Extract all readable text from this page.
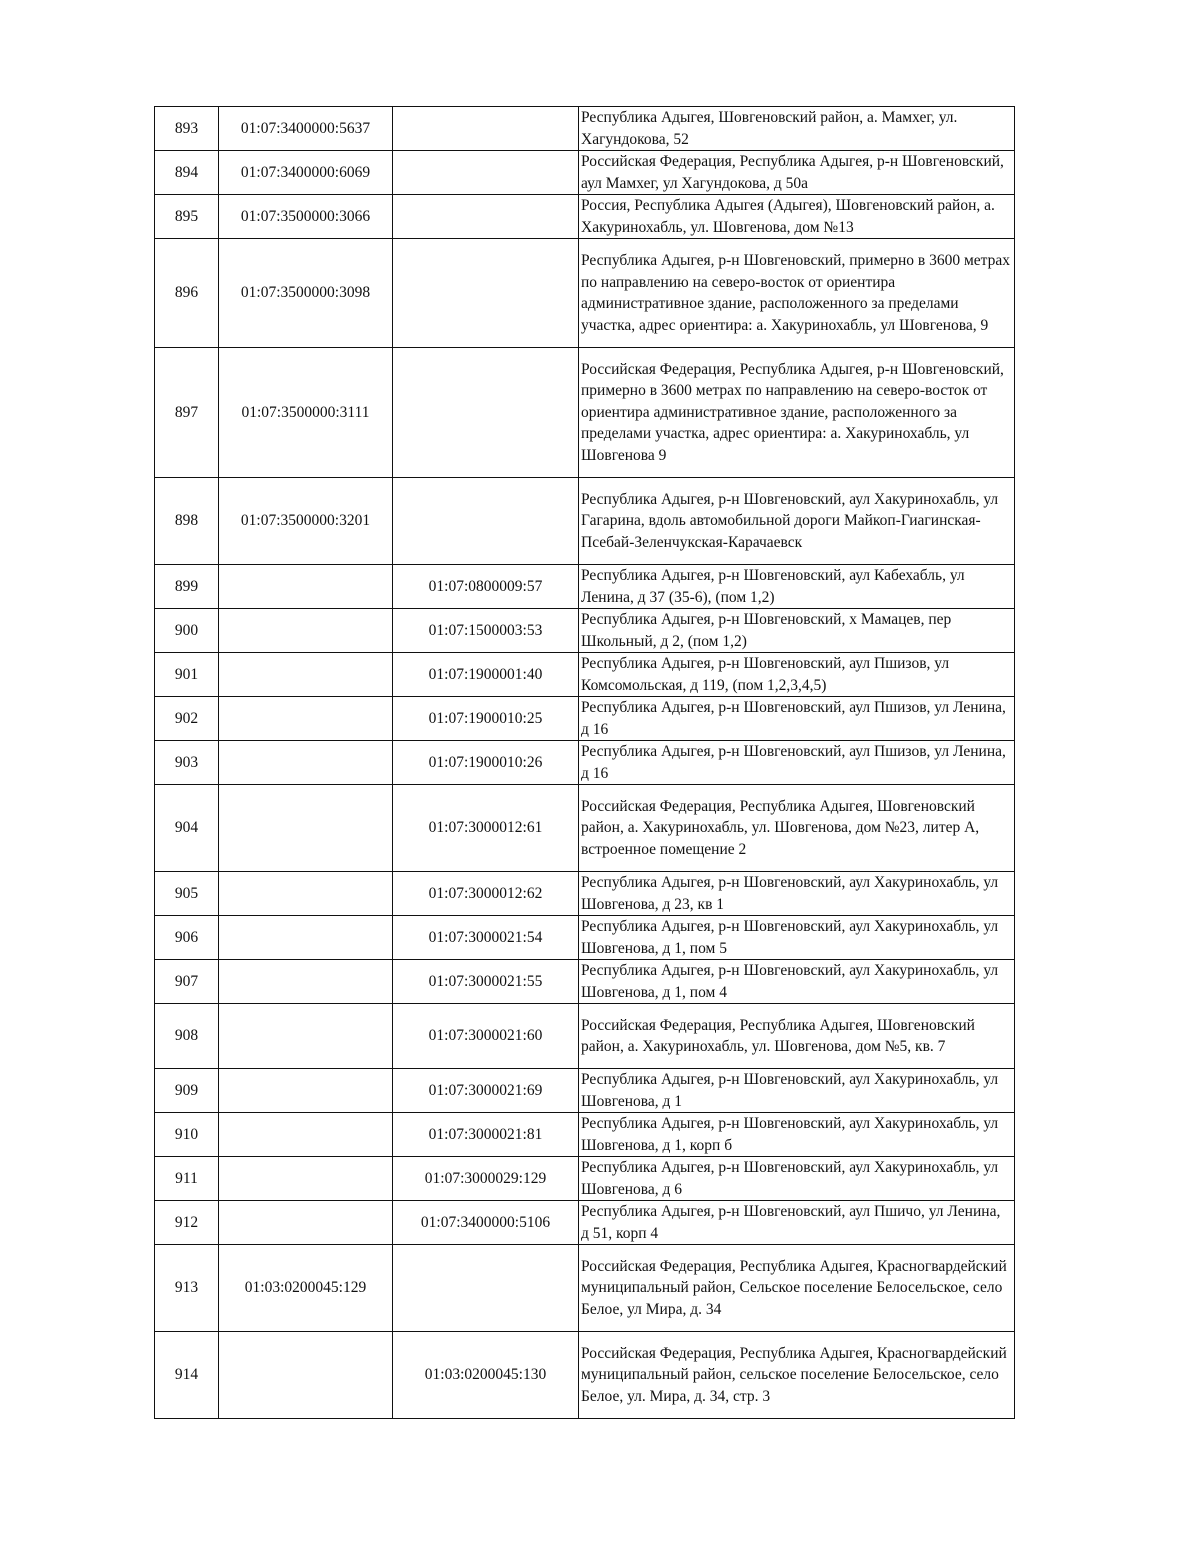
893	01:07:3400000:5637		Республика Адыгея, Шовгеновский район, а. Мамхег, ул. Хагундокова, 52
894	01:07:3400000:6069		Российская Федерация, Республика Адыгея, р-н Шовгеновский, аул Мамхег, ул Хагундокова, д 50а
895	01:07:3500000:3066		Россия, Республика Адыгея (Адыгея), Шовгеновский район, а. Хакуринохабль, ул. Шовгенова, дом №13
896	01:07:3500000:3098		Республика Адыгея, р-н Шовгеновский, примерно в 3600 метрах по направлению на северо-восток от ориентира административное здание, расположенного за пределами участка, адрес ориентира: а. Хакуринохабль, ул Шовгенова, 9
897	01:07:3500000:3111		Российская Федерация, Республика Адыгея, р-н Шовгеновский, примерно в 3600 метрах по направлению на северо-восток от ориентира административное здание, расположенного за пределами участка, адрес ориентира: а. Хакуринохабль, ул Шовгенова 9
898	01:07:3500000:3201		Республика Адыгея, р-н Шовгеновский, аул Хакуринохабль, ул Гагарина, вдоль автомобильной дороги Майкоп-Гиагинская-Псебай-Зеленчукская-Карачаевск
899		01:07:0800009:57	Республика Адыгея, р-н Шовгеновский, аул Кабехабль, ул Ленина, д 37 (35-6), (пом 1,2)
900		01:07:1500003:53	Республика Адыгея, р-н Шовгеновский, х Мамацев, пер Школьный, д 2, (пом 1,2)
901		01:07:1900001:40	Республика Адыгея, р-н Шовгеновский, аул Пшизов, ул Комсомольская, д 119, (пом 1,2,3,4,5)
902		01:07:1900010:25	Республика Адыгея, р-н Шовгеновский, аул Пшизов, ул Ленина, д 16
903		01:07:1900010:26	Республика Адыгея, р-н Шовгеновский, аул Пшизов, ул Ленина, д 16
904		01:07:3000012:61	Российская Федерация, Республика Адыгея, Шовгеновский район, а. Хакуринохабль, ул. Шовгенова, дом №23, литер А, встроенное помещение 2
905		01:07:3000012:62	Республика Адыгея, р-н Шовгеновский, аул Хакуринохабль, ул Шовгенова, д 23, кв 1
906		01:07:3000021:54	Республика Адыгея, р-н Шовгеновский, аул Хакуринохабль, ул Шовгенова, д 1, пом 5
907		01:07:3000021:55	Республика Адыгея, р-н Шовгеновский, аул Хакуринохабль, ул Шовгенова, д 1, пом 4
908		01:07:3000021:60	Российская Федерация, Республика Адыгея, Шовгеновский район, а. Хакуринохабль, ул. Шовгенова, дом №5, кв. 7
909		01:07:3000021:69	Республика Адыгея, р-н Шовгеновский, аул Хакуринохабль, ул Шовгенова, д 1
910		01:07:3000021:81	Республика Адыгея, р-н Шовгеновский, аул Хакуринохабль, ул Шовгенова, д 1, корп б
911		01:07:3000029:129	Республика Адыгея, р-н Шовгеновский, аул Хакуринохабль, ул Шовгенова, д 6
912		01:07:3400000:5106	Республика Адыгея, р-н Шовгеновский, аул Пшичо, ул Ленина, д 51, корп 4
913	01:03:0200045:129		Российская Федерация, Республика Адыгея, Красногвардейский муниципальный район, Сельское поселение Белосельское, село Белое, ул Мира, д. 34
914		01:03:0200045:130	Российская Федерация, Республика Адыгея, Красногвардейский муниципальный район, сельское поселение Белосельское, село Белое, ул. Мира, д. 34, стр. 3
